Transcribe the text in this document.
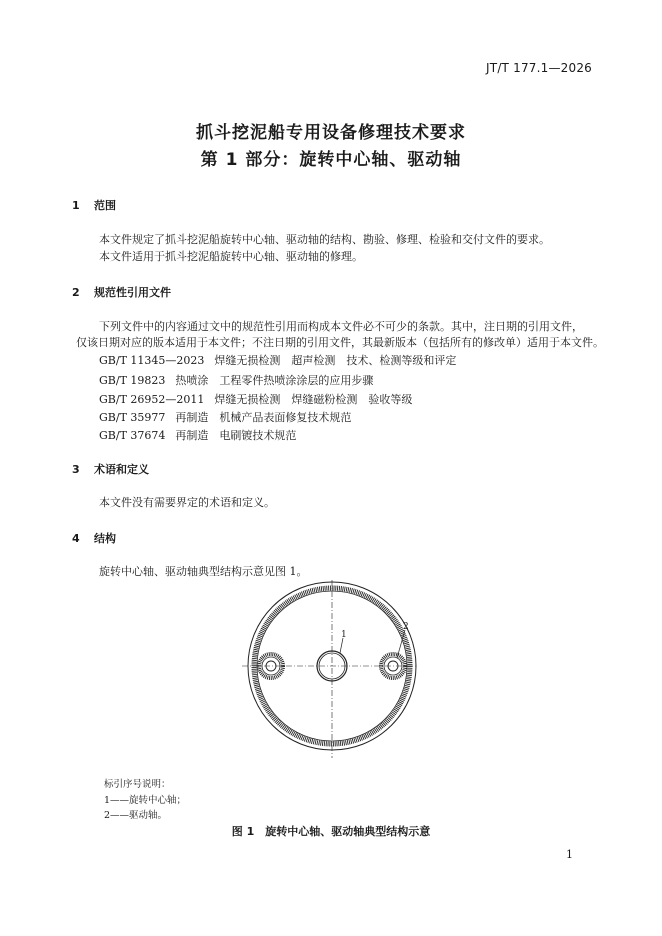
JT/T 177.1—2026
抓斗挖泥船专用设备修理技术要求
第 1 部分：旋转中心轴、驱动轴
1 范围
本文件规定了抓斗挖泥船旋转中心轴、驱动轴的结构、勘验、修理、检验和交付文件的要求。
本文件适用于抓斗挖泥船旋转中心轴、驱动轴的修理。
2 规范性引用文件
下列文件中的内容通过文中的规范性引用而构成本文件必不可少的条款。其中，注日期的引用文件，
仅该日期对应的版本适用于本文件；不注日期的引用文件，其最新版本（包括所有的修改单）适用于本文件。
GB/T 11345—2023 焊缝无损检测　超声检测　技术、检测等级和评定
GB/T 19823 热喷涂　工程零件热喷涂涂层的应用步骤
GB/T 26952—2011 焊缝无损检测　焊缝磁粉检测　验收等级
GB/T 35977 再制造　机械产品表面修复技术规范
GB/T 37674 再制造　电刷镀技术规范
3 术语和定义
本文件没有需要界定的术语和定义。
4 结构
旋转中心轴、驱动轴典型结构示意见图 1。
1
2
标引序号说明：
1——旋转中心轴；
2——驱动轴。
图 1　旋转中心轴、驱动轴典型结构示意
1
